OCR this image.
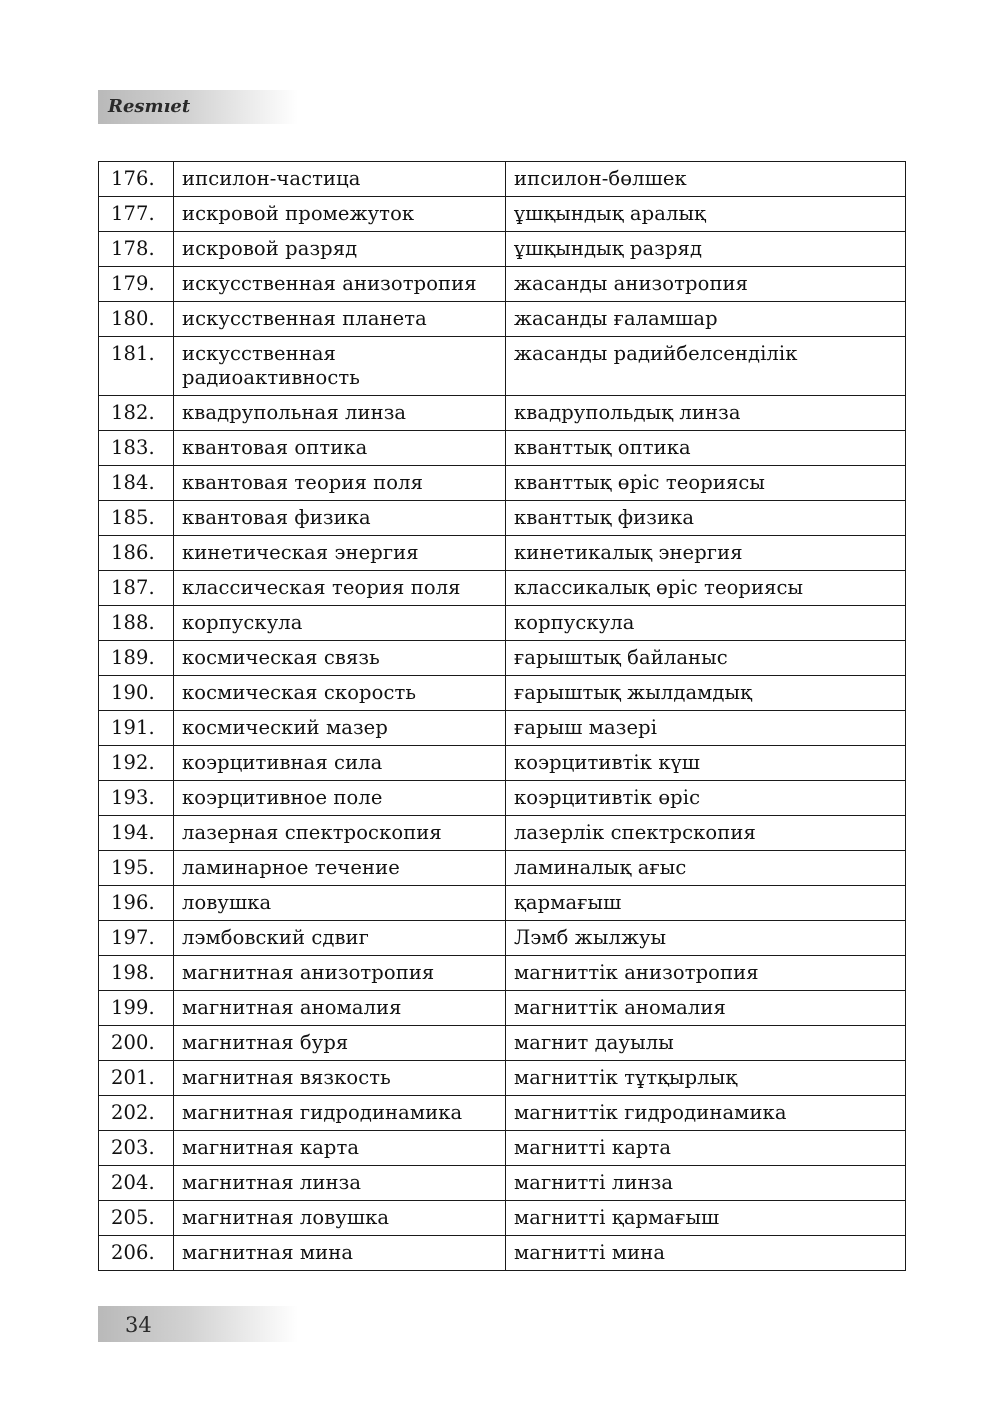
Resmıet
176.	ипсилон-частица	ипсилон-бөлшек
177.	искровой промежуток	ұшқындық аралық
178.	искровой разряд	ұшқындық разряд
179.	искусственная анизотропия	жасанды анизотропия
180.	искусственная планета	жасанды ғаламшар
181.	искусственная радиоактивность	жасанды радийбелсенділік
182.	квадрупольная линза	квадрупольдық линза
183.	квантовая оптика	кванттық оптика
184.	квантовая теория поля	кванттық өріс теориясы
185.	квантовая физика	кванттық физика
186.	кинетическая энергия	кинетикалық энергия
187.	классическая теория поля	классикалық өріс теориясы
188.	корпускула	корпускула
189.	космическая связь	ғарыштық байланыс
190.	космическая скорость	ғарыштық жылдамдық
191.	космический мазер	ғарыш мазері
192.	коэрцитивная сила	коэрцитивтік күш
193.	коэрцитивное поле	коэрцитивтік өріс
194.	лазерная спектроскопия	лазерлік спектрскопия
195.	ламинарное течение	ламиналық ағыс
196.	ловушка	қармағыш
197.	лэмбовский сдвиг	Лэмб жылжуы
198.	магнитная анизотропия	магниттік анизотропия
199.	магнитная аномалия	магниттік аномалия
200.	магнитная буря	магнит дауылы
201.	магнитная вязкость	магниттік тұтқырлық
202.	магнитная гидродинамика	магниттік гидродинамика
203.	магнитная карта	магнитті карта
204.	магнитная линза	магнитті линза
205.	магнитная ловушка	магнитті қармағыш
206.	магнитная мина	магнитті мина
34
